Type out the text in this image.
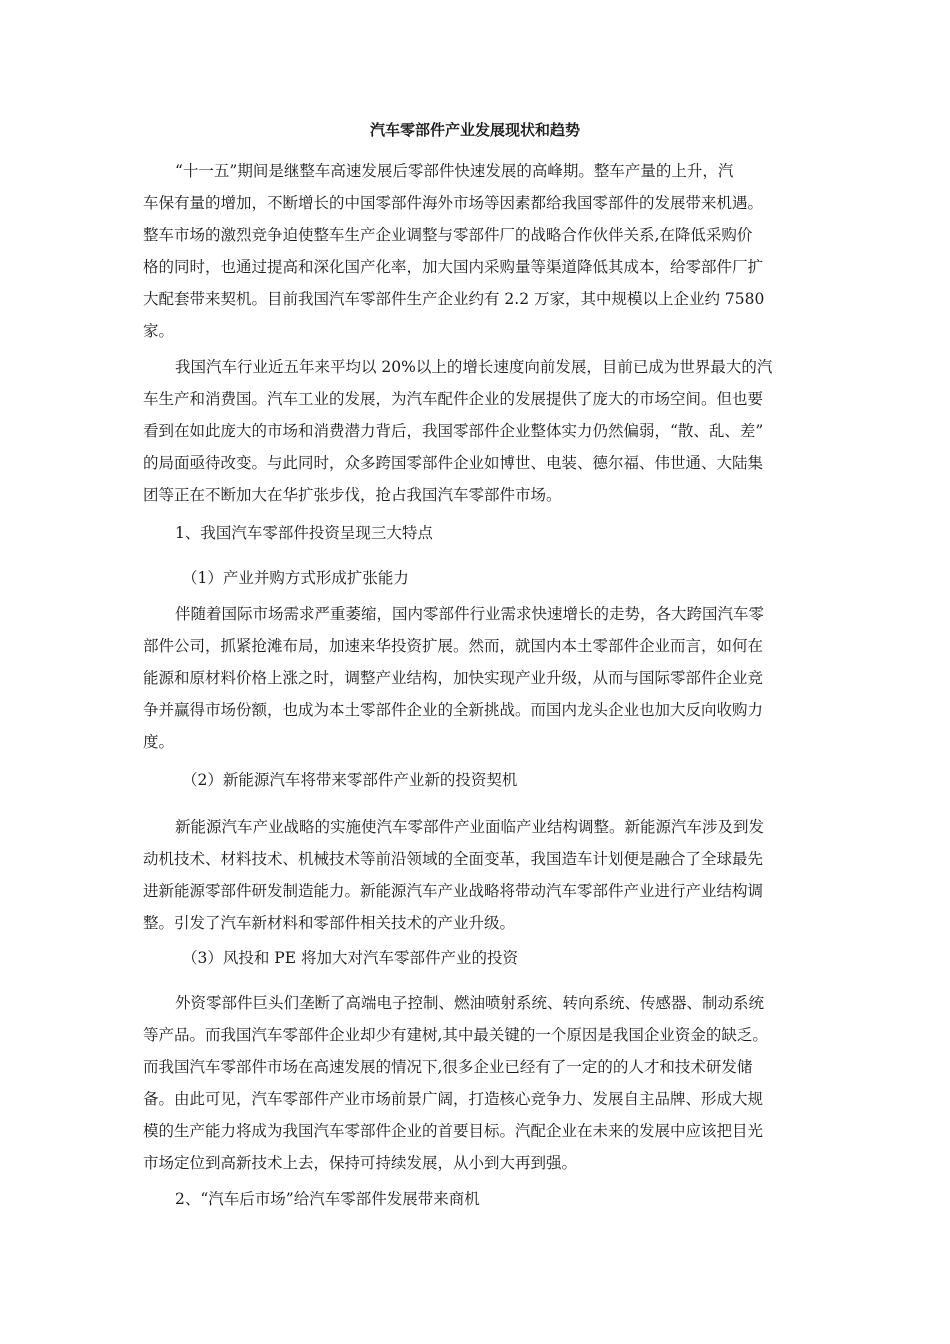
汽车零部件产业发展现状和趋势

“十一五”期间是继整车高速发展后零部件快速发展的高峰期。整车产量的上升，汽

车保有量的增加，不断增长的中国零部件海外市场等因素都给我国零部件的发展带来机遇。

整车市场的激烈竞争迫使整车生产企业调整与零部件厂的战略合作伙伴关系,在降低采购价

格的同时，也通过提高和深化国产化率，加大国内采购量等渠道降低其成本，给零部件厂扩

大配套带来契机。目前我国汽车零部件生产企业约有 2.2 万家，其中规模以上企业约 7580

家。

我国汽车行业近五年来平均以 20%以上的增长速度向前发展，目前已成为世界最大的汽

车生产和消费国。汽车工业的发展，为汽车配件企业的发展提供了庞大的市场空间。但也要

看到在如此庞大的市场和消费潜力背后，我国零部件企业整体实力仍然偏弱，“散、乱、差”

的局面亟待改变。与此同时，众多跨国零部件企业如博世、电装、德尔福、伟世通、大陆集

团等正在不断加大在华扩张步伐，抢占我国汽车零部件市场。

1、我国汽车零部件投资呈现三大特点

（1）产业并购方式形成扩张能力

伴随着国际市场需求严重萎缩，国内零部件行业需求快速增长的走势，各大跨国汽车零

部件公司，抓紧抢滩布局，加速来华投资扩展。然而，就国内本土零部件企业而言，如何在

能源和原材料价格上涨之时，调整产业结构，加快实现产业升级，从而与国际零部件企业竞

争并赢得市场份额，也成为本土零部件企业的全新挑战。而国内龙头企业也加大反向收购力

度。

（2）新能源汽车将带来零部件产业新的投资契机

新能源汽车产业战略的实施使汽车零部件产业面临产业结构调整。新能源汽车涉及到发

动机技术、材料技术、机械技术等前沿领域的全面变革，我国造车计划便是融合了全球最先

进新能源零部件研发制造能力。新能源汽车产业战略将带动汽车零部件产业进行产业结构调

整。引发了汽车新材料和零部件相关技术的产业升级。

（3）风投和 PE 将加大对汽车零部件产业的投资

外资零部件巨头们垄断了高端电子控制、燃油喷射系统、转向系统、传感器、制动系统

等产品。而我国汽车零部件企业却少有建树,其中最关键的一个原因是我国企业资金的缺乏。

而我国汽车零部件市场在高速发展的情况下,很多企业已经有了一定的的人才和技术研发储

备。由此可见，汽车零部件产业市场前景广阔，打造核心竞争力、发展自主品牌、形成大规

模的生产能力将成为我国汽车零部件企业的首要目标。汽配企业在未来的发展中应该把目光

市场定位到高新技术上去，保持可持续发展，从小到大再到强。

2、“汽车后市场”给汽车零部件发展带来商机
